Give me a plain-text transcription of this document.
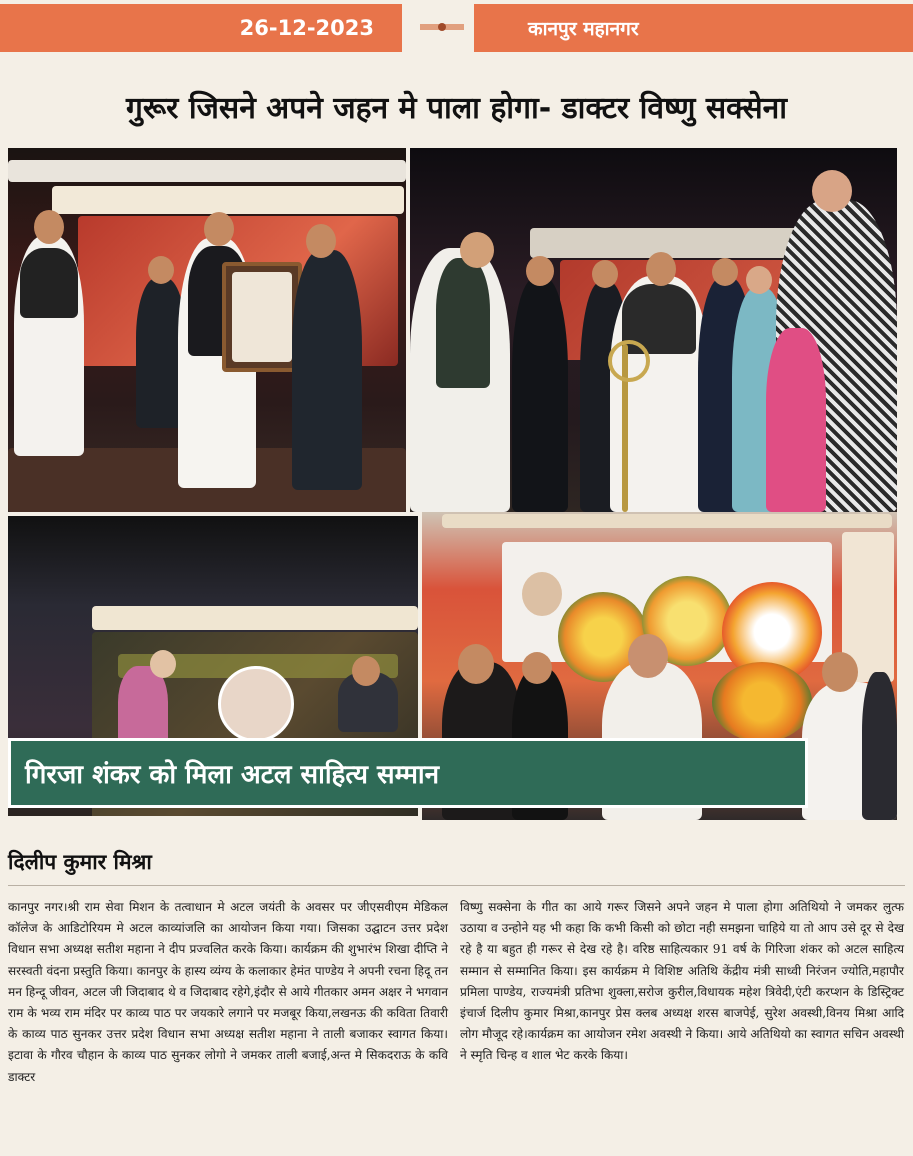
26-12-2023	कानपुर महानगर
गुरूर जिसने अपने जहन मे पाला होगा- डाक्टर विष्णु सक्सेना
गिरजा शंकर को मिला अटल साहित्य सम्मान
दिलीप कुमार मिश्रा
कानपुर नगर।श्री राम सेवा मिशन के तत्वाधान मे अटल जयंती के अवसर पर जीएसवीएम मेडिकल कॉलेज के आडिटोरियम मे अटल काव्यांजलि का आयोजन किया गया। जिसका उद्घाटन उत्तर प्रदेश विधान सभा अध्यक्ष सतीश महाना ने दीप प्रज्वलित करके किया। कार्यक्रम की शुभारंभ शिखा दीप्ति ने सरस्वती वंदना प्रस्तुति किया। कानपुर के हास्य व्यंग्य के कलाकार हेमंत पाण्डेय ने अपनी रचना हिदू तन मन हिन्दू जीवन, अटल जी जिदाबाद थे व जिदाबाद रहेगे,इंदौर से आये गीतकार अमन अक्षर ने भगवान राम के भव्य राम मंदिर पर काव्य पाठ पर जयकारे लगाने पर मजबूर किया,लखनऊ की कविता तिवारी के काव्य पाठ सुनकर उत्तर प्रदेश विधान सभा अध्यक्ष सतीश महाना ने ताली बजाकर स्वागत किया। इटावा के गौरव चौहान के काव्य पाठ सुनकर लोगो ने जमकर ताली बजाई,अन्त मे सिकदराऊ के कवि डाक्टर
विष्णु सक्सेना के गीत का आये गरूर जिसने अपने जहन मे पाला होगा अतिथियो ने जमकर लुत्फ उठाया व उन्होने यह भी कहा कि कभी किसी को छोटा नही समझना चाहिये या तो आप उसे दूर से देख रहे है या बहुत ही गरूर से देख रहे है। वरिष्ठ साहित्यकार 91 वर्ष के गिरिजा शंकर को अटल साहित्य सम्मान से सम्मानित किया। इस कार्यक्रम मे विशिष्ट अतिथि केंद्रीय मंत्री साध्वी निरंजन ज्योति,महापौर प्रमिला पाण्डेय, राज्यमंत्री प्रतिभा शुक्ला,सरोज कुरील,विधायक महेश त्रिवेदी,एंटी करप्शन के डिस्ट्रिक्ट इंचार्ज दिलीप कुमार मिश्रा,कानपुर प्रेस क्लब अध्यक्ष शरस बाजपेई, सुरेश अवस्थी,विनय मिश्रा आदि लोग मौजूद रहे।कार्यक्रम का आयोजन रमेश अवस्थी ने किया। आये अतिथियो का स्वागत सचिन अवस्थी ने स्मृति चिन्ह व शाल भेट करके किया।
